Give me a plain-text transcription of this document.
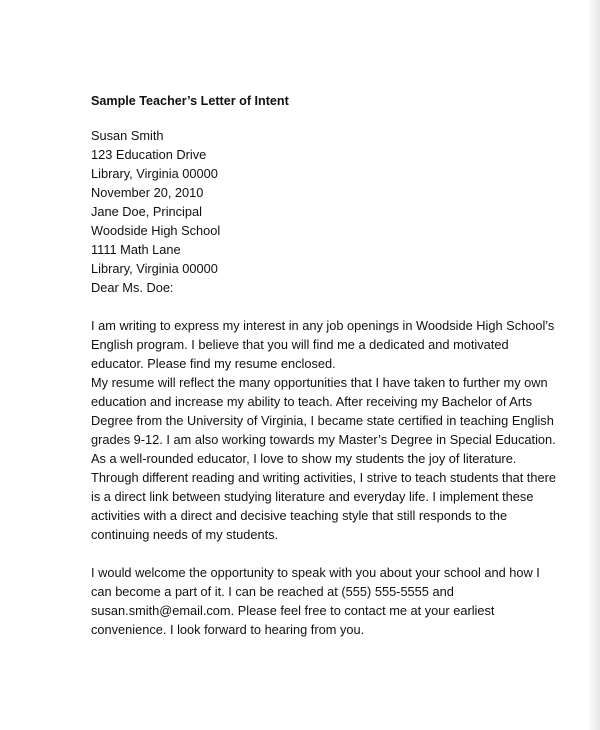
Sample Teacher’s Letter of Intent
Susan Smith
123 Education Drive
Library, Virginia 00000
November 20, 2010
Jane Doe, Principal
Woodside High School
1111 Math Lane
Library, Virginia 00000
Dear Ms. Doe:
I am writing to express my interest in any job openings in Woodside High School’s
English program. I believe that you will find me a dedicated and motivated
educator. Please find my resume enclosed.
My resume will reflect the many opportunities that I have taken to further my own
education and increase my ability to teach. After receiving my Bachelor of Arts
Degree from the University of Virginia, I became state certified in teaching English
grades 9-12. I am also working towards my Master’s Degree in Special Education.
As a well-rounded educator, I love to show my students the joy of literature.
Through different reading and writing activities, I strive to teach students that there
is a direct link between studying literature and everyday life. I implement these
activities with a direct and decisive teaching style that still responds to the
continuing needs of my students.
I would welcome the opportunity to speak with you about your school and how I
can become a part of it. I can be reached at (555) 555-5555 and
susan.smith@email.com. Please feel free to contact me at your earliest
convenience. I look forward to hearing from you.
